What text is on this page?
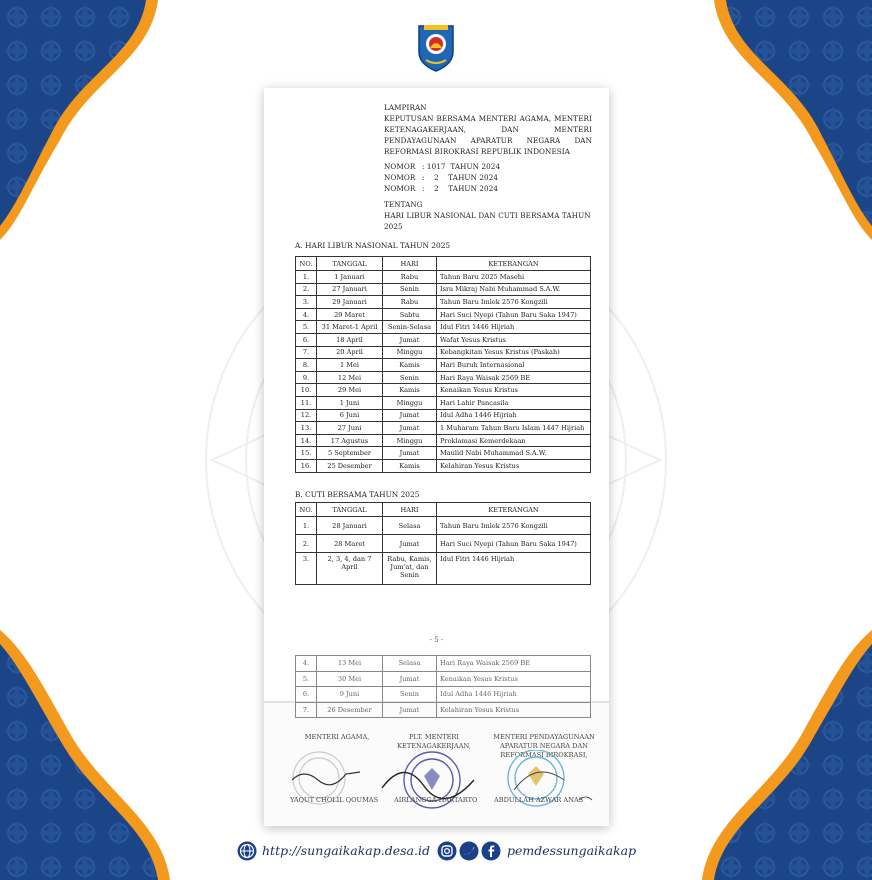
LAMPIRAN
KEPUTUSAN BERSAMA MENTERI AGAMA, MENTERI KETENAGAKERJAAN, DAN MENTERI PENDAYAGUNAAN APARATUR NEGARA DAN REFORMASI BIROKRASI REPUBLIK INDONESIA
NOMOR : 1017  TAHUN 2024
NOMOR :    2    TAHUN 2024
NOMOR :    2    TAHUN 2024
TENTANG
HARI LIBUR NASIONAL DAN CUTI BERSAMA TAHUN 2025
A. HARI LIBUR NASIONAL TAHUN 2025
NO.	TANGGAL	HARI	KETERANGAN
1.	1 Januari	Rabu	Tahun Baru 2025 Masehi
2.	27 Januari	Senin	Isra Mikraj Nabi Muhammad S.A.W.
3.	29 Januari	Rabu	Tahun Baru Imlek 2576 Kongzili
4.	29 Maret	Sabtu	Hari Suci Nyepi (Tahun Baru Saka 1947)
5.	31 Maret-1 April	Senin-Selasa	Idul Fitri 1446 Hijriah
6.	18 April	Jumat	Wafat Yesus Kristus
7.	20 April	Minggu	Kebangkitan Yesus Kristus (Paskah)
8.	1 Mei	Kamis	Hari Buruh Internasional
9.	12 Mei	Senin	Hari Raya Waisak 2569 BE
10.	29 Mei	Kamis	Kenaikan Yesus Kristus
11.	1 Juni	Minggu	Hari Lahir Pancasila
12.	6 Juni	Jumat	Idul Adha 1446 Hijriah
13.	27 Juni	Jumat	1 Muharam Tahun Baru Islam 1447 Hijriah
14.	17 Agustus	Minggu	Proklamasi Kemerdekaan
15.	5 September	Jumat	Maulid Nabi Muhammad S.A.W.
16.	25 Desember	Kamis	Kelahiran Yesus Kristus
B. CUTI BERSAMA TAHUN 2025
NO.	TANGGAL	HARI	KETERANGAN
1.	28 Januari	Selasa	Tahun Baru Imlek 2576 Kongzili
2.	28 Maret	Jumat	Hari Suci Nyepi (Tahun Baru Saka 1947)
3.	2, 3, 4, dan 7 April	Rabu, Kamis, Jum'at, dan Senin	Idul Fitri 1446 Hijriah
- 5 -
4.	13 Mei	Selasa	Hari Raya Waisak 2569 BE
5.	30 Mei	Jumat	Kenaikan Yesus Kristus
6.	9 Juni	Senin	Idul Adha 1446 Hijriah
7.	26 Desember	Jumat	Kelahiran Yesus Kristus
MENTERI AGAMA,	PLT. MENTERI KETENAGAKERJAAN,
MENTERI PENDAYAGUNAAN APARATUR NEGARA DAN REFORMASI BIROKRASI,
YAQUT CHOLIL QOUMAS AIRLANGGA HARTARTO	ABDULLAH AZWAR ANAS
http://sungaikakap.desa.id	pemdessungaikakap
